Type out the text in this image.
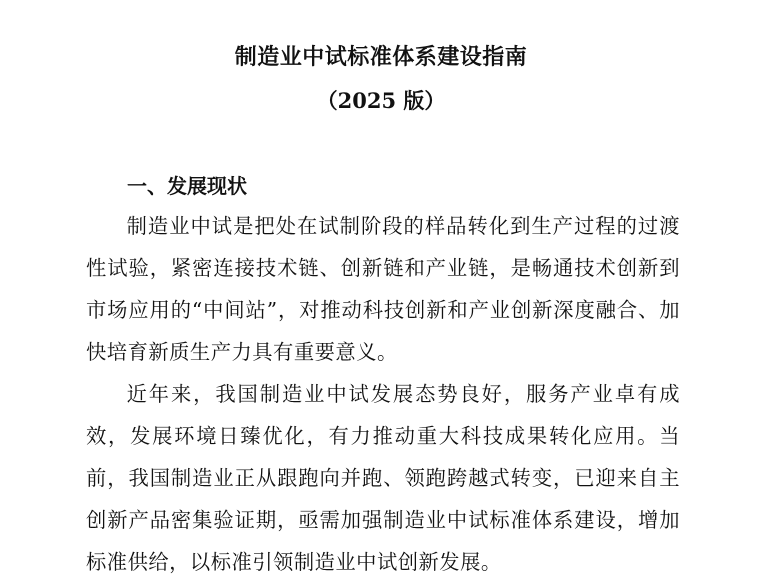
制造业中试标准体系建设指南
（2025 版）
一、发展现状

制造业中试是把处在试制阶段的样品转化到生产过程的过渡性试验，紧密连接技术链、创新链和产业链，是畅通技术创新到市场应用的“中间站”，对推动科技创新和产业创新深度融合、加快培育新质生产力具有重要意义。

近年来，我国制造业中试发展态势良好，服务产业卓有成效，发展环境日臻优化，有力推动重大科技成果转化应用。当前，我国制造业正从跟跑向并跑、领跑跨越式转变，已迎来自主创新产品密集验证期，亟需加强制造业中试标准体系建设，增加标准供给，以标准引领制造业中试创新发展。
